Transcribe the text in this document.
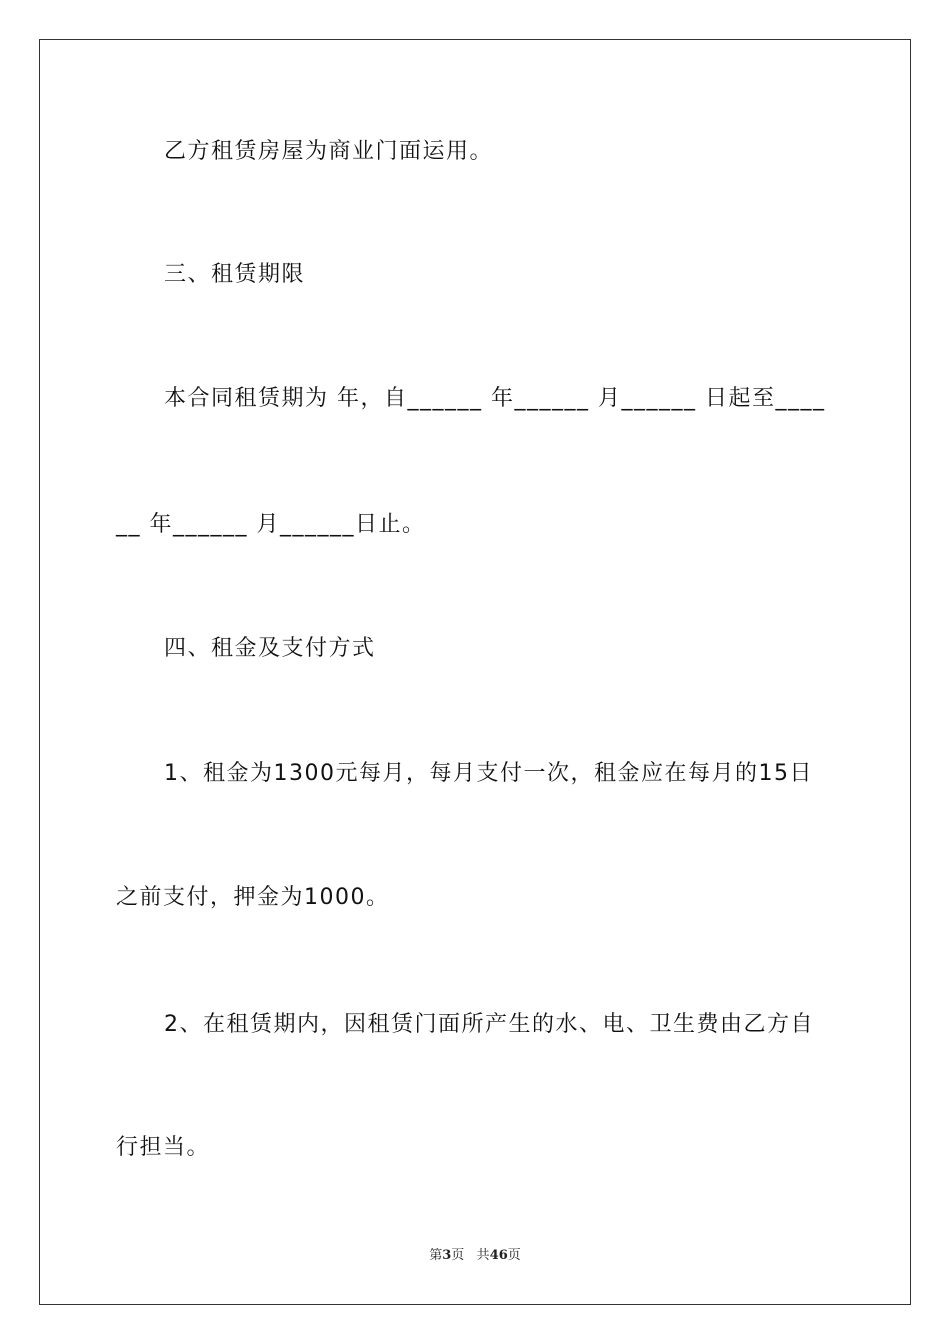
乙方租赁房屋为商业门面运用。

三、租赁期限

本合同租赁期为 年，自______ 年______ 月______ 日起至____

__ 年______ 月______日止。

四、租金及支付方式

1、租金为1300元每月，每月支付一次，租金应在每月的15日

之前支付，押金为1000。

2、在租赁期内，因租赁门面所产生的水、电、卫生费由乙方自

行担当。

第3页 共46页
